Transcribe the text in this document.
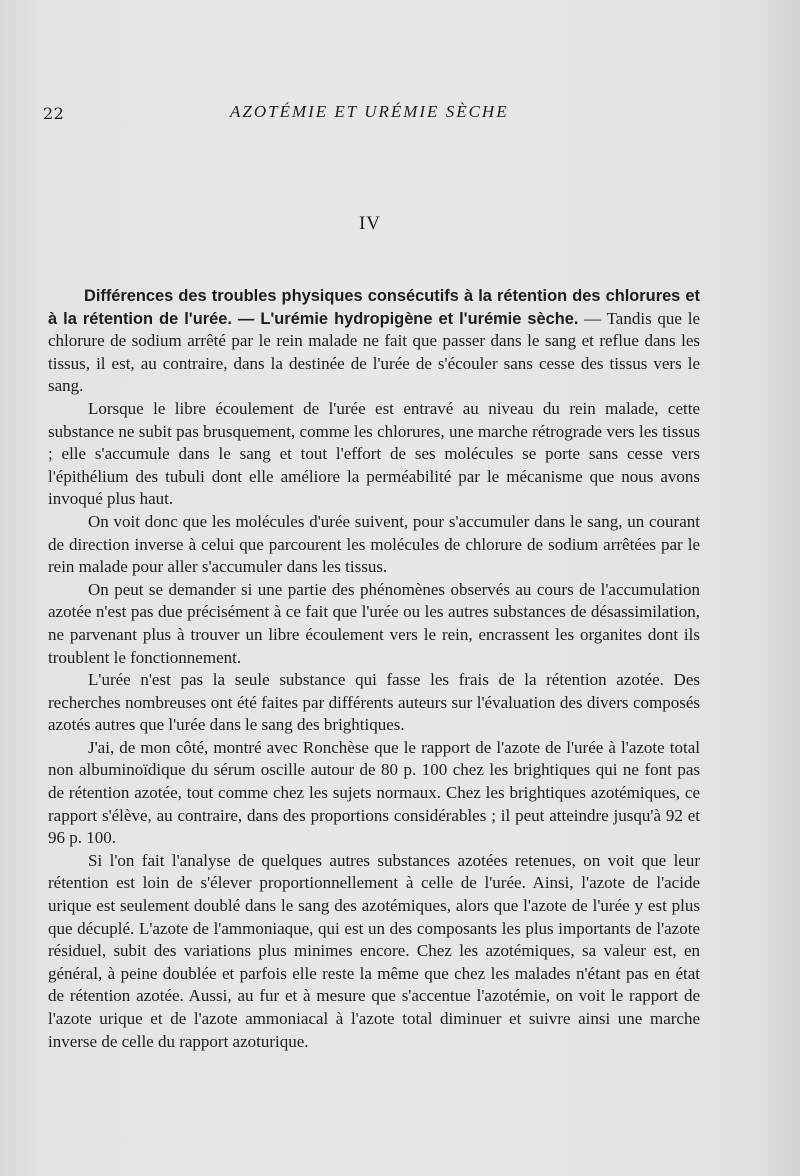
22	AZOTÉMIE ET URÉMIE SÈCHE
IV

Différences des troubles physiques consécutifs à la rétention des chlorures et à la rétention de l'urée. — L'urémie hydropigène et l'urémie sèche. — Tandis que le chlorure de sodium arrêté par le rein malade ne fait que passer dans le sang et reflue dans les tissus, il est, au contraire, dans la destinée de l'urée de s'écouler sans cesse des tissus vers le sang.

Lorsque le libre écoulement de l'urée est entravé au niveau du rein malade, cette substance ne subit pas brusquement, comme les chlorures, une marche rétrograde vers les tissus ; elle s'accumule dans le sang et tout l'effort de ses molécules se porte sans cesse vers l'épithélium des tubuli dont elle améliore la perméabilité par le mécanisme que nous avons invoqué plus haut.

On voit donc que les molécules d'urée suivent, pour s'accumuler dans le sang, un courant de direction inverse à celui que parcourent les molécules de chlorure de sodium arrêtées par le rein malade pour aller s'accumuler dans les tissus.

On peut se demander si une partie des phénomènes observés au cours de l'accumulation azotée n'est pas due précisément à ce fait que l'urée ou les autres substances de désassimilation, ne parvenant plus à trouver un libre écoulement vers le rein, encrassent les organites dont ils troublent le fonctionnement.

L'urée n'est pas la seule substance qui fasse les frais de la rétention azotée. Des recherches nombreuses ont été faites par différents auteurs sur l'évaluation des divers composés azotés autres que l'urée dans le sang des brightiques.

J'ai, de mon côté, montré avec Ronchèse que le rapport de l'azote de l'urée à l'azote total non albuminoïdique du sérum oscille autour de 80 p. 100 chez les brightiques qui ne font pas de rétention azotée, tout comme chez les sujets normaux. Chez les brightiques azotémiques, ce rapport s'élève, au contraire, dans des proportions considérables ; il peut atteindre jusqu'à 92 et 96 p. 100.

Si l'on fait l'analyse de quelques autres substances azotées retenues, on voit que leur rétention est loin de s'élever proportionnellement à celle de l'urée. Ainsi, l'azote de l'acide urique est seulement doublé dans le sang des azotémiques, alors que l'azote de l'urée y est plus que décuplé. L'azote de l'ammoniaque, qui est un des composants les plus importants de l'azote résiduel, subit des variations plus minimes encore. Chez les azotémiques, sa valeur est, en général, à peine doublée et parfois elle reste la même que chez les malades n'étant pas en état de rétention azotée. Aussi, au fur et à mesure que s'accentue l'azotémie, on voit le rapport de l'azote urique et de l'azote ammoniacal à l'azote total diminuer et suivre ainsi une marche inverse de celle du rapport azoturique.
